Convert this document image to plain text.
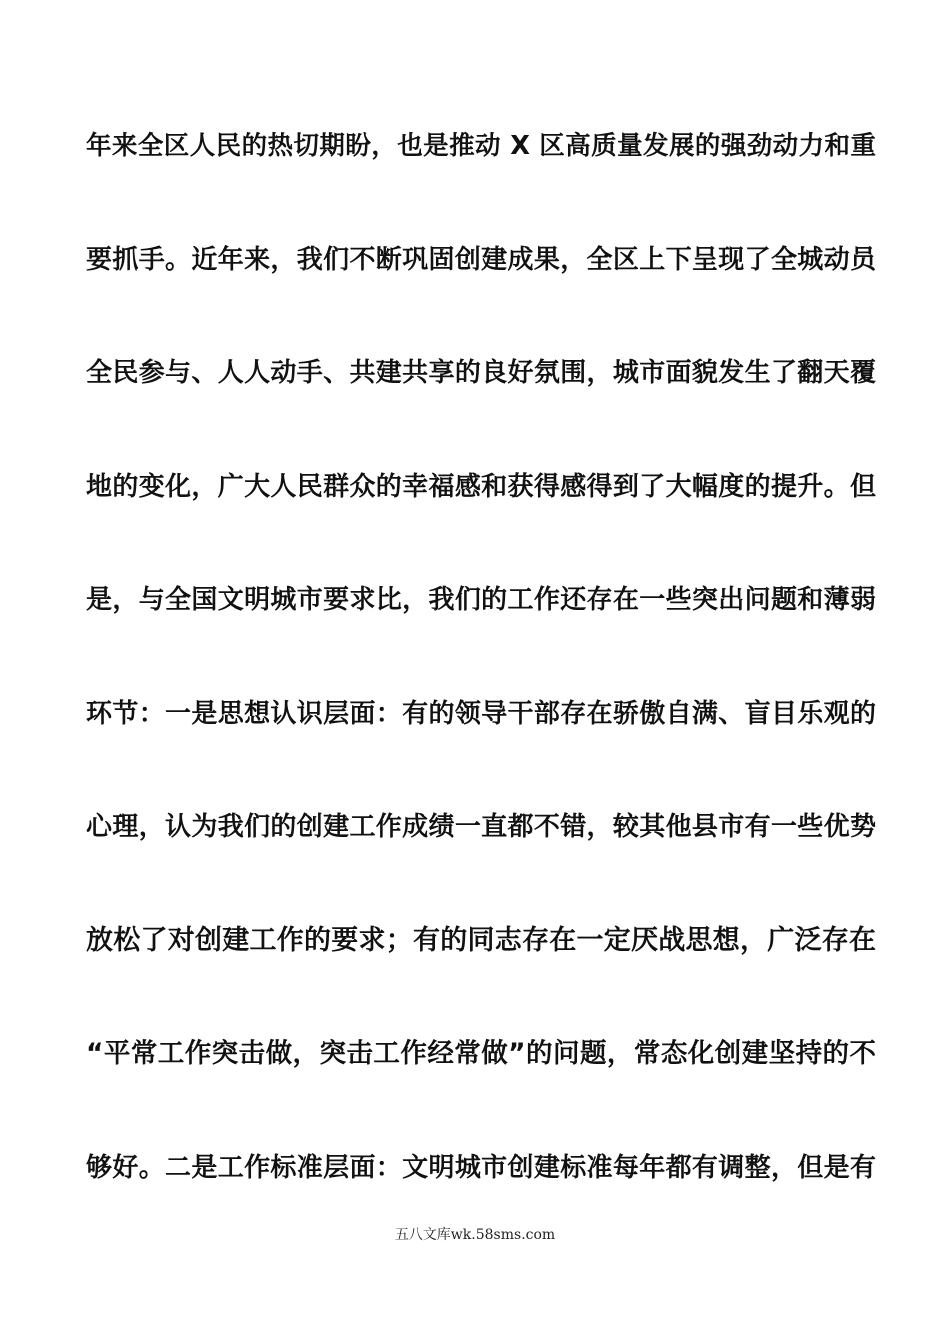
年来全区人民的热切期盼，也是推动 X 区高质量发展的强劲动力和重
要抓手。近年来，我们不断巩固创建成果，全区上下呈现了全城动员
全民参与、人人动手、共建共享的良好氛围，城市面貌发生了翻天覆
地的变化，广大人民群众的幸福感和获得感得到了大幅度的提升。但
是，与全国文明城市要求比，我们的工作还存在一些突出问题和薄弱
环节：一是思想认识层面：有的领导干部存在骄傲自满、盲目乐观的
心理，认为我们的创建工作成绩一直都不错，较其他县市有一些优势
放松了对创建工作的要求；有的同志存在一定厌战思想，广泛存在
“平常工作突击做，突击工作经常做”的问题，常态化创建坚持的不
够好。二是工作标准层面：文明城市创建标准每年都有调整，但是有
五八文库wk.58sms.com
